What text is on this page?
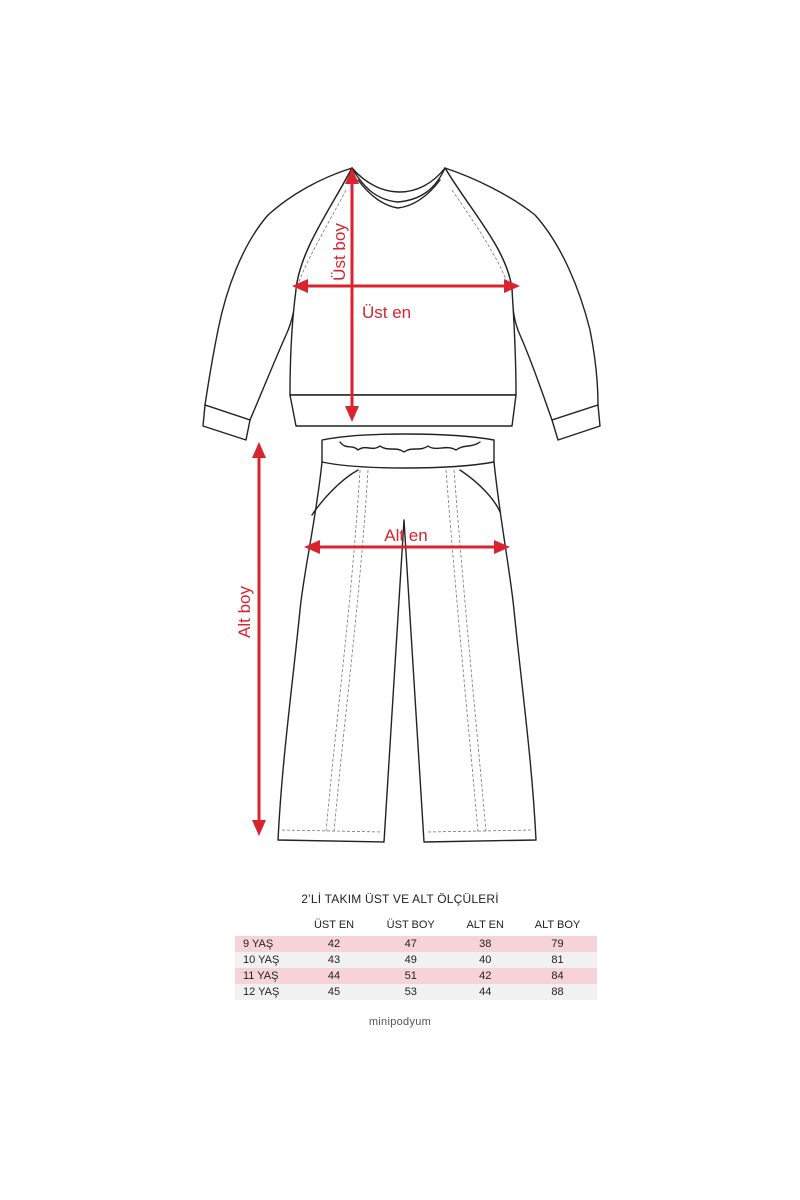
Üst boy
Üst en
Alt en
Alt boy
2’Lİ TAKIM ÜST VE ALT ÖLÇÜLERİ
	ÜST EN	ÜST BOY	ALT EN	ALT BOY
9 YAŞ	42	47	38	79
10 YAŞ	43	49	40	81
11 YAŞ	44	51	42	84
12 YAŞ	45	53	44	88
minipodyum
